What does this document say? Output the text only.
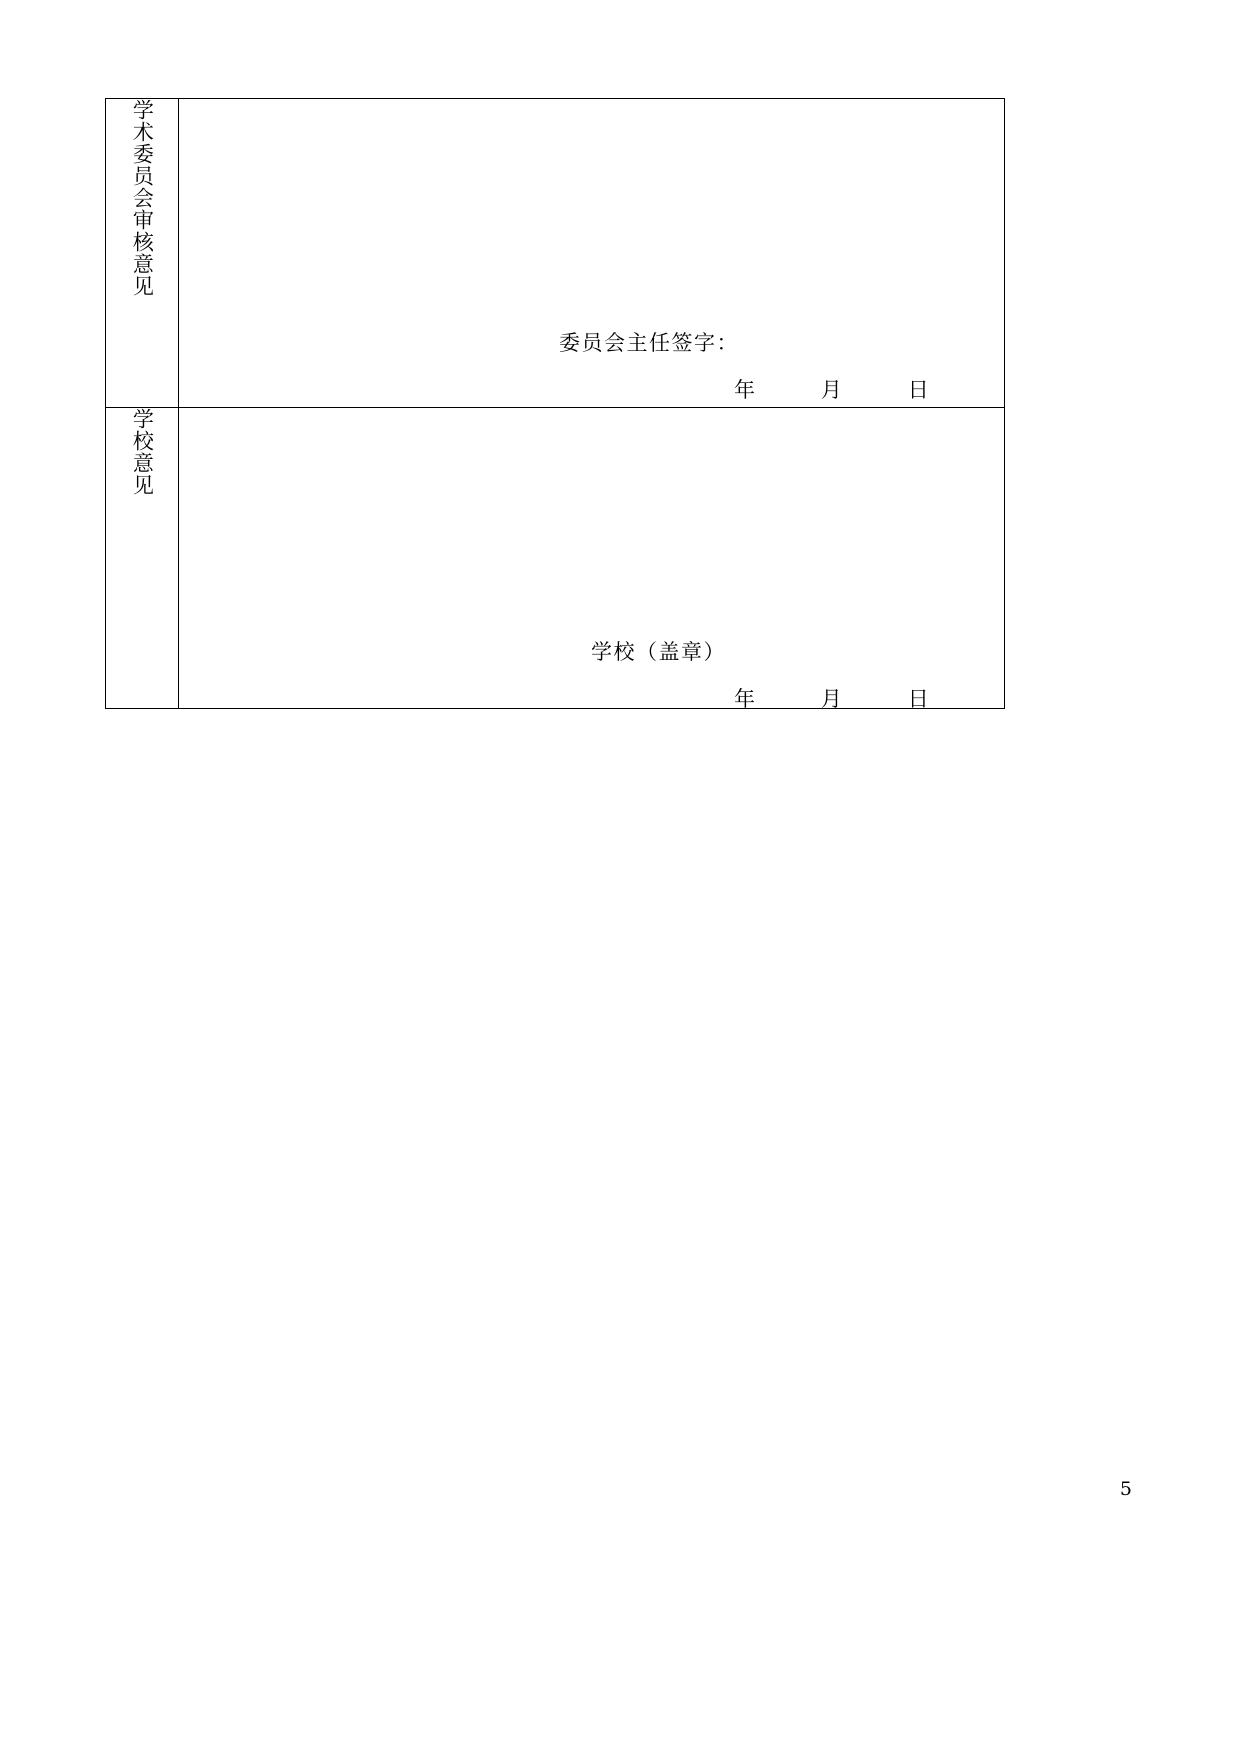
学术委员会审核意见	委员会主任签字：
年 月 日

学校意见	学校（盖章）
年 月 日
5
